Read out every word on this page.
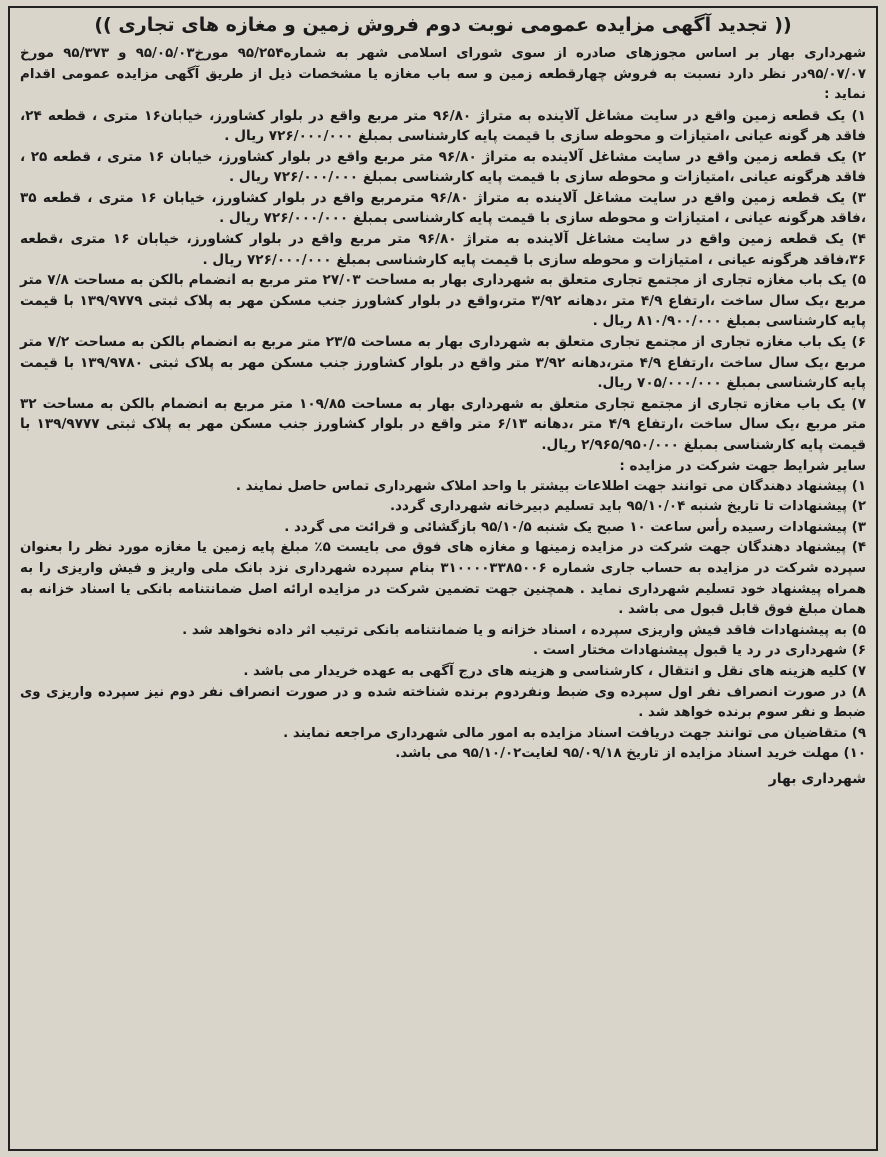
(( تجدید آگهی مزایده عمومی نوبت دوم فروش زمین و مغازه های تجاری ))

شهرداری بهار بر اساس مجوزهای صادره از سوی شورای اسلامی شهر به شماره۹۵/۲۵۴ مورخ۹۵/۰۵/۰۳ و ۹۵/۳۷۳ مورخ ۹۵/۰۷/۰۷در نظر دارد نسبت به فروش چهارقطعه زمین و سه باب مغازه یا مشخصات ذیل از طریق آگهی مزایده عمومی اقدام نماید :

۱) یک قطعه زمین واقع در سایت مشاغل آلاینده به متراژ ۹۶/۸۰ متر مربع واقع در بلوار کشاورز، خیابان۱۶ متری ، قطعه ۲۴، فاقد هر گونه عیانی ،امتیازات و محوطه سازی با قیمت پایه کارشناسی بمبلغ ۷۲۶/۰۰۰/۰۰۰ ریال .

۲) یک قطعه زمین واقع در سایت مشاغل آلاینده به متراژ ۹۶/۸۰ متر مربع واقع در بلوار کشاورز، خیابان ۱۶ متری ، قطعه ۲۵ ، فاقد هرگونه عیانی ،امتیازات و محوطه سازی با قیمت پایه کارشناسی بمبلغ ۷۲۶/۰۰۰/۰۰۰ ریال .

۳) یک قطعه زمین واقع در سایت مشاغل آلاینده به متراژ ۹۶/۸۰ مترمربع واقع در بلوار کشاورز، خیابان ۱۶ متری ، قطعه ۳۵ ،فاقد هرگونه عیانی ، امتیازات و محوطه سازی با قیمت پایه کارشناسی بمبلغ ۷۲۶/۰۰۰/۰۰۰ ریال .

۴) یک قطعه زمین واقع در سایت مشاغل آلاینده به متراژ ۹۶/۸۰ متر مربع واقع در بلوار کشاورز، خیابان ۱۶ متری ،قطعه ۳۶،فاقد هرگونه عیانی ، امتیازات و محوطه سازی با قیمت پایه کارشناسی بمبلغ ۷۲۶/۰۰۰/۰۰۰ ریال .

۵) یک باب مغازه تجاری از مجتمع تجاری متعلق به شهرداری بهار به مساحت ۲۷/۰۳ متر مربع به انضمام بالکن به مساحت ۷/۸ متر مربع ،یک سال ساخت ،ارتفاع ۴/۹ متر ،دهانه ۳/۹۲ متر،واقع در بلوار کشاورز جنب مسکن مهر به پلاک ثبتی ۱۳۹/۹۷۷۹ با قیمت پایه کارشناسی بمبلغ ۸۱۰/۹۰۰/۰۰۰ ریال .

۶) یک باب مغازه تجاری از مجتمع تجاری متعلق به شهرداری بهار به مساحت ۲۳/۵ متر مربع به انضمام بالکن به مساحت ۷/۲ متر مربع ،یک سال ساخت ،ارتفاع ۴/۹ متر،دهانه ۳/۹۲ متر واقع در بلوار کشاورز جنب مسکن مهر به پلاک ثبتی ۱۳۹/۹۷۸۰ با قیمت پایه کارشناسی بمبلغ ۷۰۵/۰۰۰/۰۰۰ ریال.

۷) یک باب مغازه تجاری از مجتمع تجاری متعلق به شهرداری بهار به مساحت ۱۰۹/۸۵ متر مربع به انضمام بالکن به مساحت ۳۲ متر مربع ،یک سال ساخت ،ارتفاع ۴/۹ متر ،دهانه ۶/۱۳ متر واقع در بلوار کشاورز جنب مسکن مهر به پلاک ثبتی ۱۳۹/۹۷۷۷ با قیمت پایه کارشناسی بمبلغ ۲/۹۶۵/۹۵۰/۰۰۰ ریال.

سایر شرایط جهت شرکت در مزایده :

۱) پیشنهاد دهندگان می توانند جهت اطلاعات بیشتر با واحد املاک شهرداری تماس حاصل نمایند .

۲) پیشنهادات تا تاریخ شنبه ۹۵/۱۰/۰۴ باید تسلیم دبیرخانه شهرداری گردد.

۳) پیشنهادات رسیده رأس ساعت ۱۰ صبح یک شنبه ۹۵/۱۰/۵ بازگشائی و قرائت می گردد .

۴) پیشنهاد دهندگان جهت شرکت در مزایده زمینها و مغازه های فوق می بایست ۵٪ مبلغ پایه زمین یا مغازه مورد نظر را بعنوان سپرده شرکت در مزایده به حساب جاری شماره ۳۱۰۰۰۰۳۳۸۵۰۰۶ بنام سپرده شهرداری نزد بانک ملی واریز و فیش واریزی را به همراه پیشنهاد خود تسلیم شهرداری نماید . همچنین جهت تضمین شرکت در مزایده ارائه اصل ضمانتنامه بانکی یا اسناد خزانه به همان مبلغ فوق قابل قبول می باشد .

۵) به پیشنهادات فاقد فیش واریزی سپرده ، اسناد خزانه و یا ضمانتنامه بانکی ترتیب اثر داده نخواهد شد .

۶) شهرداری در رد یا قبول پیشنهادات مختار است .

۷) کلیه هزینه های نقل و انتقال ، کارشناسی و هزینه های درج آگهی به عهده خریدار می باشد .

۸) در صورت انصراف نفر اول سپرده وی ضبط ونفردوم برنده شناخته شده و در صورت انصراف نفر دوم نیز سپرده واریزی وی ضبط و نفر سوم برنده خواهد شد .

۹) متقاضیان می توانند جهت دریافت اسناد مزایده به امور مالی شهرداری مراجعه نمایند .

۱۰) مهلت خرید اسناد مزایده از تاریخ ۹۵/۰۹/۱۸ لغایت۹۵/۱۰/۰۲ می باشد.

شهرداری بهار
